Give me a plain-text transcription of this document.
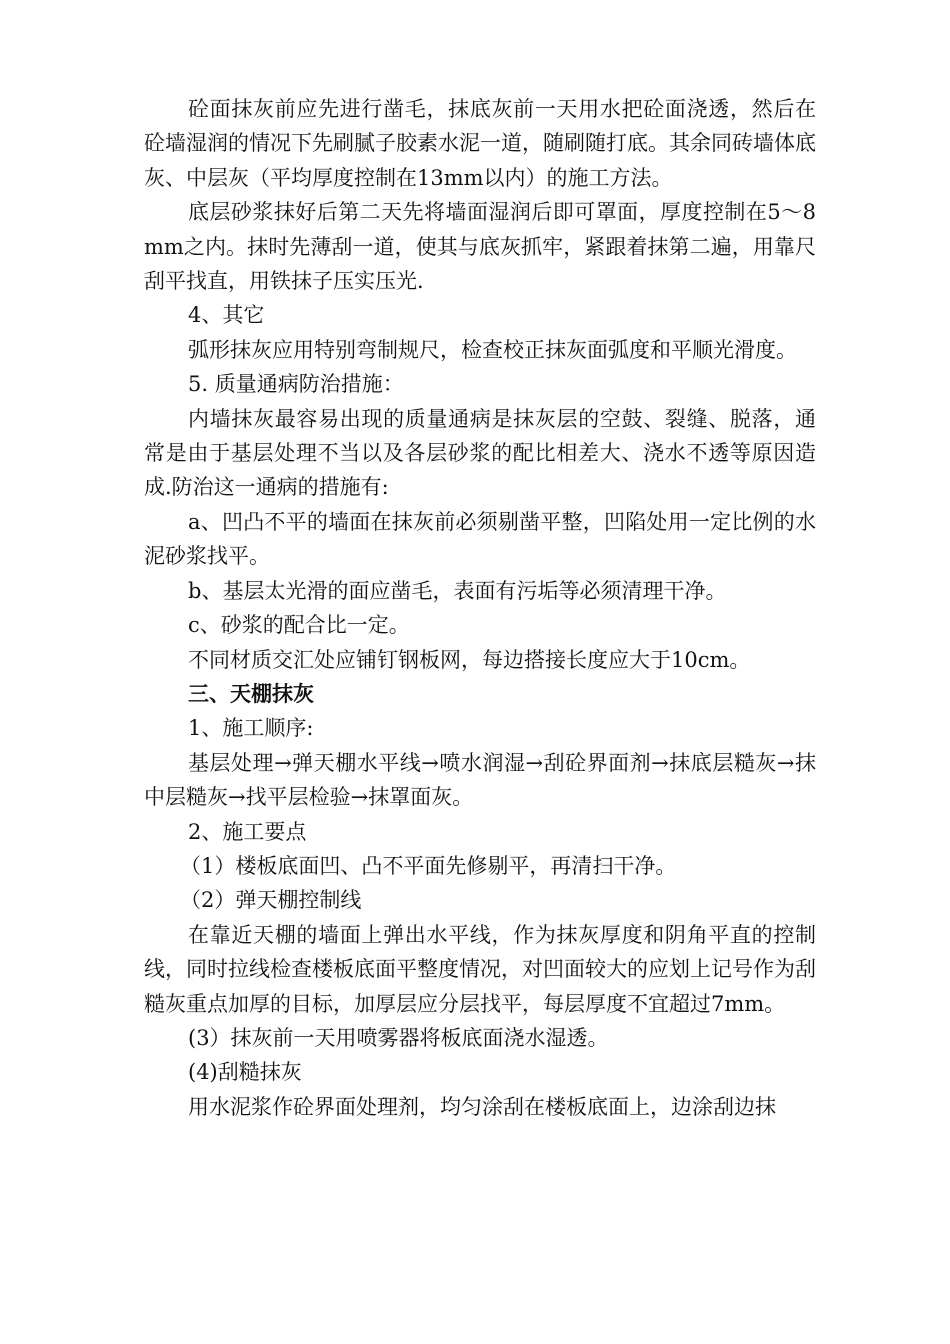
砼面抹灰前应先进行凿毛，抹底灰前一天用水把砼面浇透，然后在砼墙湿润的情况下先刷腻子胶素水泥一道，随刷随打底。其余同砖墙体底灰、中层灰（平均厚度控制在13mm以内）的施工方法。

底层砂浆抹好后第二天先将墙面湿润后即可罩面，厚度控制在5～8mm之内。抹时先薄刮一道，使其与底灰抓牢，紧跟着抹第二遍，用靠尺刮平找直，用铁抹子压实压光.

4、其它

弧形抹灰应用特别弯制规尺，检查校正抹灰面弧度和平顺光滑度。

5. 质量通病防治措施：

内墙抹灰最容易出现的质量通病是抹灰层的空鼓、裂缝、脱落，通常是由于基层处理不当以及各层砂浆的配比相差大、浇水不透等原因造成.防治这一通病的措施有:

a、凹凸不平的墙面在抹灰前必须剔凿平整，凹陷处用一定比例的水泥砂浆找平。

b、基层太光滑的面应凿毛，表面有污垢等必须清理干净。

c、砂浆的配合比一定。

不同材质交汇处应铺钉钢板网，每边搭接长度应大于10cm。

三、天棚抹灰

1、施工顺序:

基层处理→弹天棚水平线→喷水润湿→刮砼界面剂→抹底层糙灰→抹中层糙灰→找平层检验→抹罩面灰。

2、施工要点

（1）楼板底面凹、凸不平面先修剔平，再清扫干净。

（2）弹天棚控制线

在靠近天棚的墙面上弹出水平线，作为抹灰厚度和阴角平直的控制线，同时拉线检查楼板底面平整度情况，对凹面较大的应划上记号作为刮糙灰重点加厚的目标，加厚层应分层找平，每层厚度不宜超过7mm。

(3）抹灰前一天用喷雾器将板底面浇水湿透。

(4)刮糙抹灰

用水泥浆作砼界面处理剂，均匀涂刮在楼板底面上，边涂刮边抹
